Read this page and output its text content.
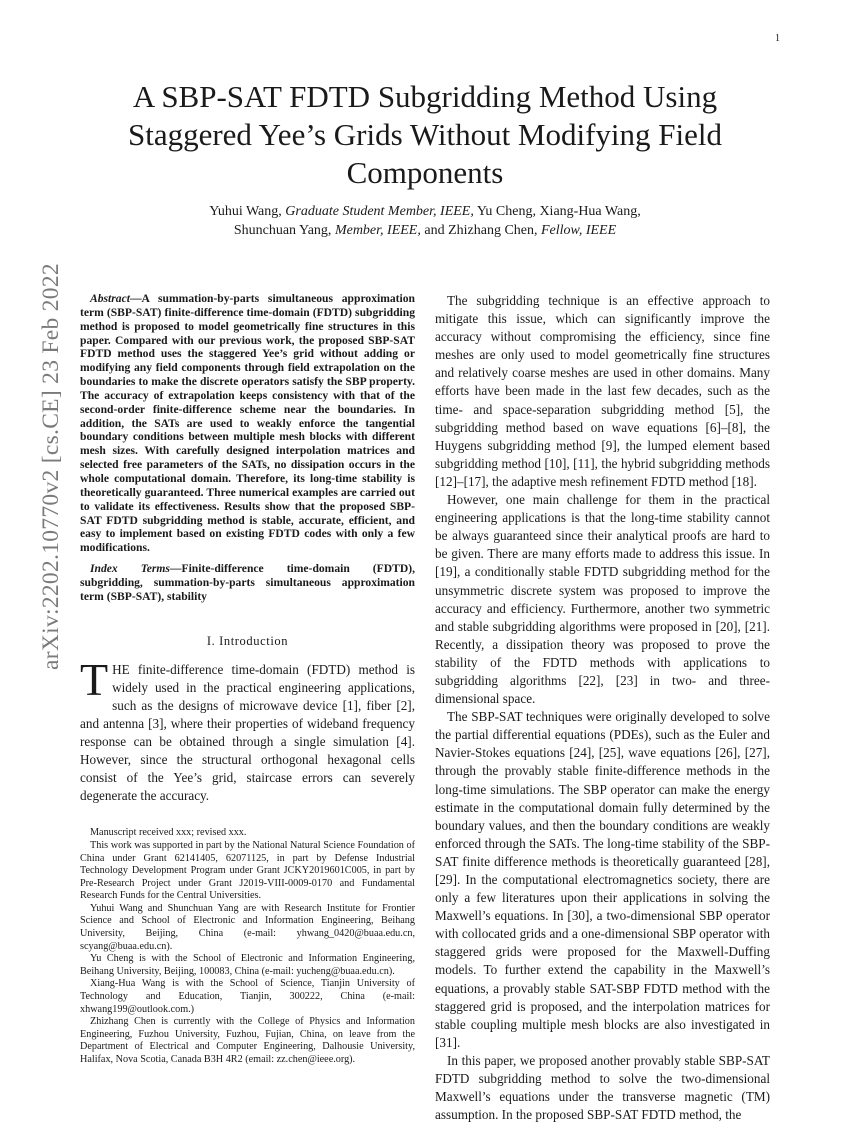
1
arXiv:2202.10770v2 [cs.CE] 23 Feb 2022
A SBP-SAT FDTD Subgridding Method Using Staggered Yee’s Grids Without Modifying Field Components
Yuhui Wang, Graduate Student Member, IEEE, Yu Cheng, Xiang-Hua Wang,
Shunchuan Yang, Member, IEEE, and Zhizhang Chen, Fellow, IEEE

Abstract—A summation-by-parts simultaneous approximation term (SBP-SAT) finite-difference time-domain (FDTD) subgridding method is proposed to model geometrically fine structures in this paper. Compared with our previous work, the proposed SBP-SAT FDTD method uses the staggered Yee’s grid without adding or modifying any field components through field extrapolation on the boundaries to make the discrete operators satisfy the SBP property. The accuracy of extrapolation keeps consistency with that of the second-order finite-difference scheme near the boundaries. In addition, the SATs are used to weakly enforce the tangential boundary conditions between multiple mesh blocks with different mesh sizes. With carefully designed interpolation matrices and selected free parameters of the SATs, no dissipation occurs in the whole computational domain. Therefore, its long-time stability is theoretically guaranteed. Three numerical examples are carried out to validate its effectiveness. Results show that the proposed SBP-SAT FDTD subgridding method is stable, accurate, efficient, and easy to implement based on existing FDTD codes with only a few modifications.

Index Terms—Finite-difference time-domain (FDTD), subgridding, summation-by-parts simultaneous approximation term (SBP-SAT), stability

I. Introduction

THE finite-difference time-domain (FDTD) method is widely used in the practical engineering applications, such as the designs of microwave device [1], fiber [2], and antenna [3], where their properties of wideband frequency response can be obtained through a single simulation [4]. However, since the structural orthogonal hexagonal cells consist of the Yee’s grid, staircase errors can severely degenerate the accuracy.

Manuscript received xxx; revised xxx.

This work was supported in part by the National Natural Science Foundation of China under Grant 62141405, 62071125, in part by Defense Industrial Technology Development Program under Grant JCKY2019601C005, in part by Pre-Research Project under Grant J2019-VIII-0009-0170 and Fundamental Research Funds for the Central Universities.

Yuhui Wang and Shunchuan Yang are with Research Institute for Frontier Science and School of Electronic and Information Engineering, Beihang University, Beijing, China (e-mail: yhwang_0420@buaa.edu.cn, scyang@buaa.edu.cn).

Yu Cheng is with the School of Electronic and Information Engineering, Beihang University, Beijing, 100083, China (e-mail: yucheng@buaa.edu.cn).

Xiang-Hua Wang is with the School of Science, Tianjin University of Technology and Education, Tianjin, 300222, China (e-mail: xhwang199@outlook.com.)

Zhizhang Chen is currently with the College of Physics and Information Engineering, Fuzhou University, Fuzhou, Fujian, China, on leave from the Department of Electrical and Computer Engineering, Dalhousie University, Halifax, Nova Scotia, Canada B3H 4R2 (email: zz.chen@ieee.org).

The subgridding technique is an effective approach to mitigate this issue, which can significantly improve the accuracy without compromising the efficiency, since fine meshes are only used to model geometrically fine structures and relatively coarse meshes are used in other domains. Many efforts have been made in the last few decades, such as the time- and space-separation subgridding method [5], the subgridding method based on wave equations [6]–[8], the Huygens subgridding method [9], the lumped element based subgridding method [10], [11], the hybrid subgridding methods [12]–[17], the adaptive mesh refinement FDTD method [18].

However, one main challenge for them in the practical engineering applications is that the long-time stability cannot be always guaranteed since their analytical proofs are hard to be given. There are many efforts made to address this issue. In [19], a conditionally stable FDTD subgridding method for the unsymmetric discrete system was proposed to improve the accuracy and efficiency. Furthermore, another two symmetric and stable subgridding algorithms were proposed in [20], [21]. Recently, a dissipation theory was proposed to prove the stability of the FDTD methods with applications to subgridding algorithms [22], [23] in two- and three-dimensional space.

The SBP-SAT techniques were originally developed to solve the partial differential equations (PDEs), such as the Euler and Navier-Stokes equations [24], [25], wave equations [26], [27], through the provably stable finite-difference methods in the long-time simulations. The SBP operator can make the energy estimate in the computational domain fully determined by the boundary values, and then the boundary conditions are weakly enforced through the SATs. The long-time stability of the SBP-SAT finite difference methods is theoretically guaranteed [28], [29]. In the computational electromagnetics society, there are only a few literatures upon their applications in solving the Maxwell’s equations. In [30], a two-dimensional SBP operator with collocated grids and a one-dimensional SBP operator with staggered grids were proposed for the Maxwell-Duffing models. To further extend the capability in the Maxwell’s equations, a provably stable SAT-SBP FDTD method with the staggered grid is proposed, and the interpolation matrices for stable coupling multiple mesh blocks are also investigated in [31].

In this paper, we proposed another provably stable SBP-SAT FDTD subgridding method to solve the two-dimensional Maxwell’s equations under the transverse magnetic (TM) assumption. In the proposed SBP-SAT FDTD method, the
